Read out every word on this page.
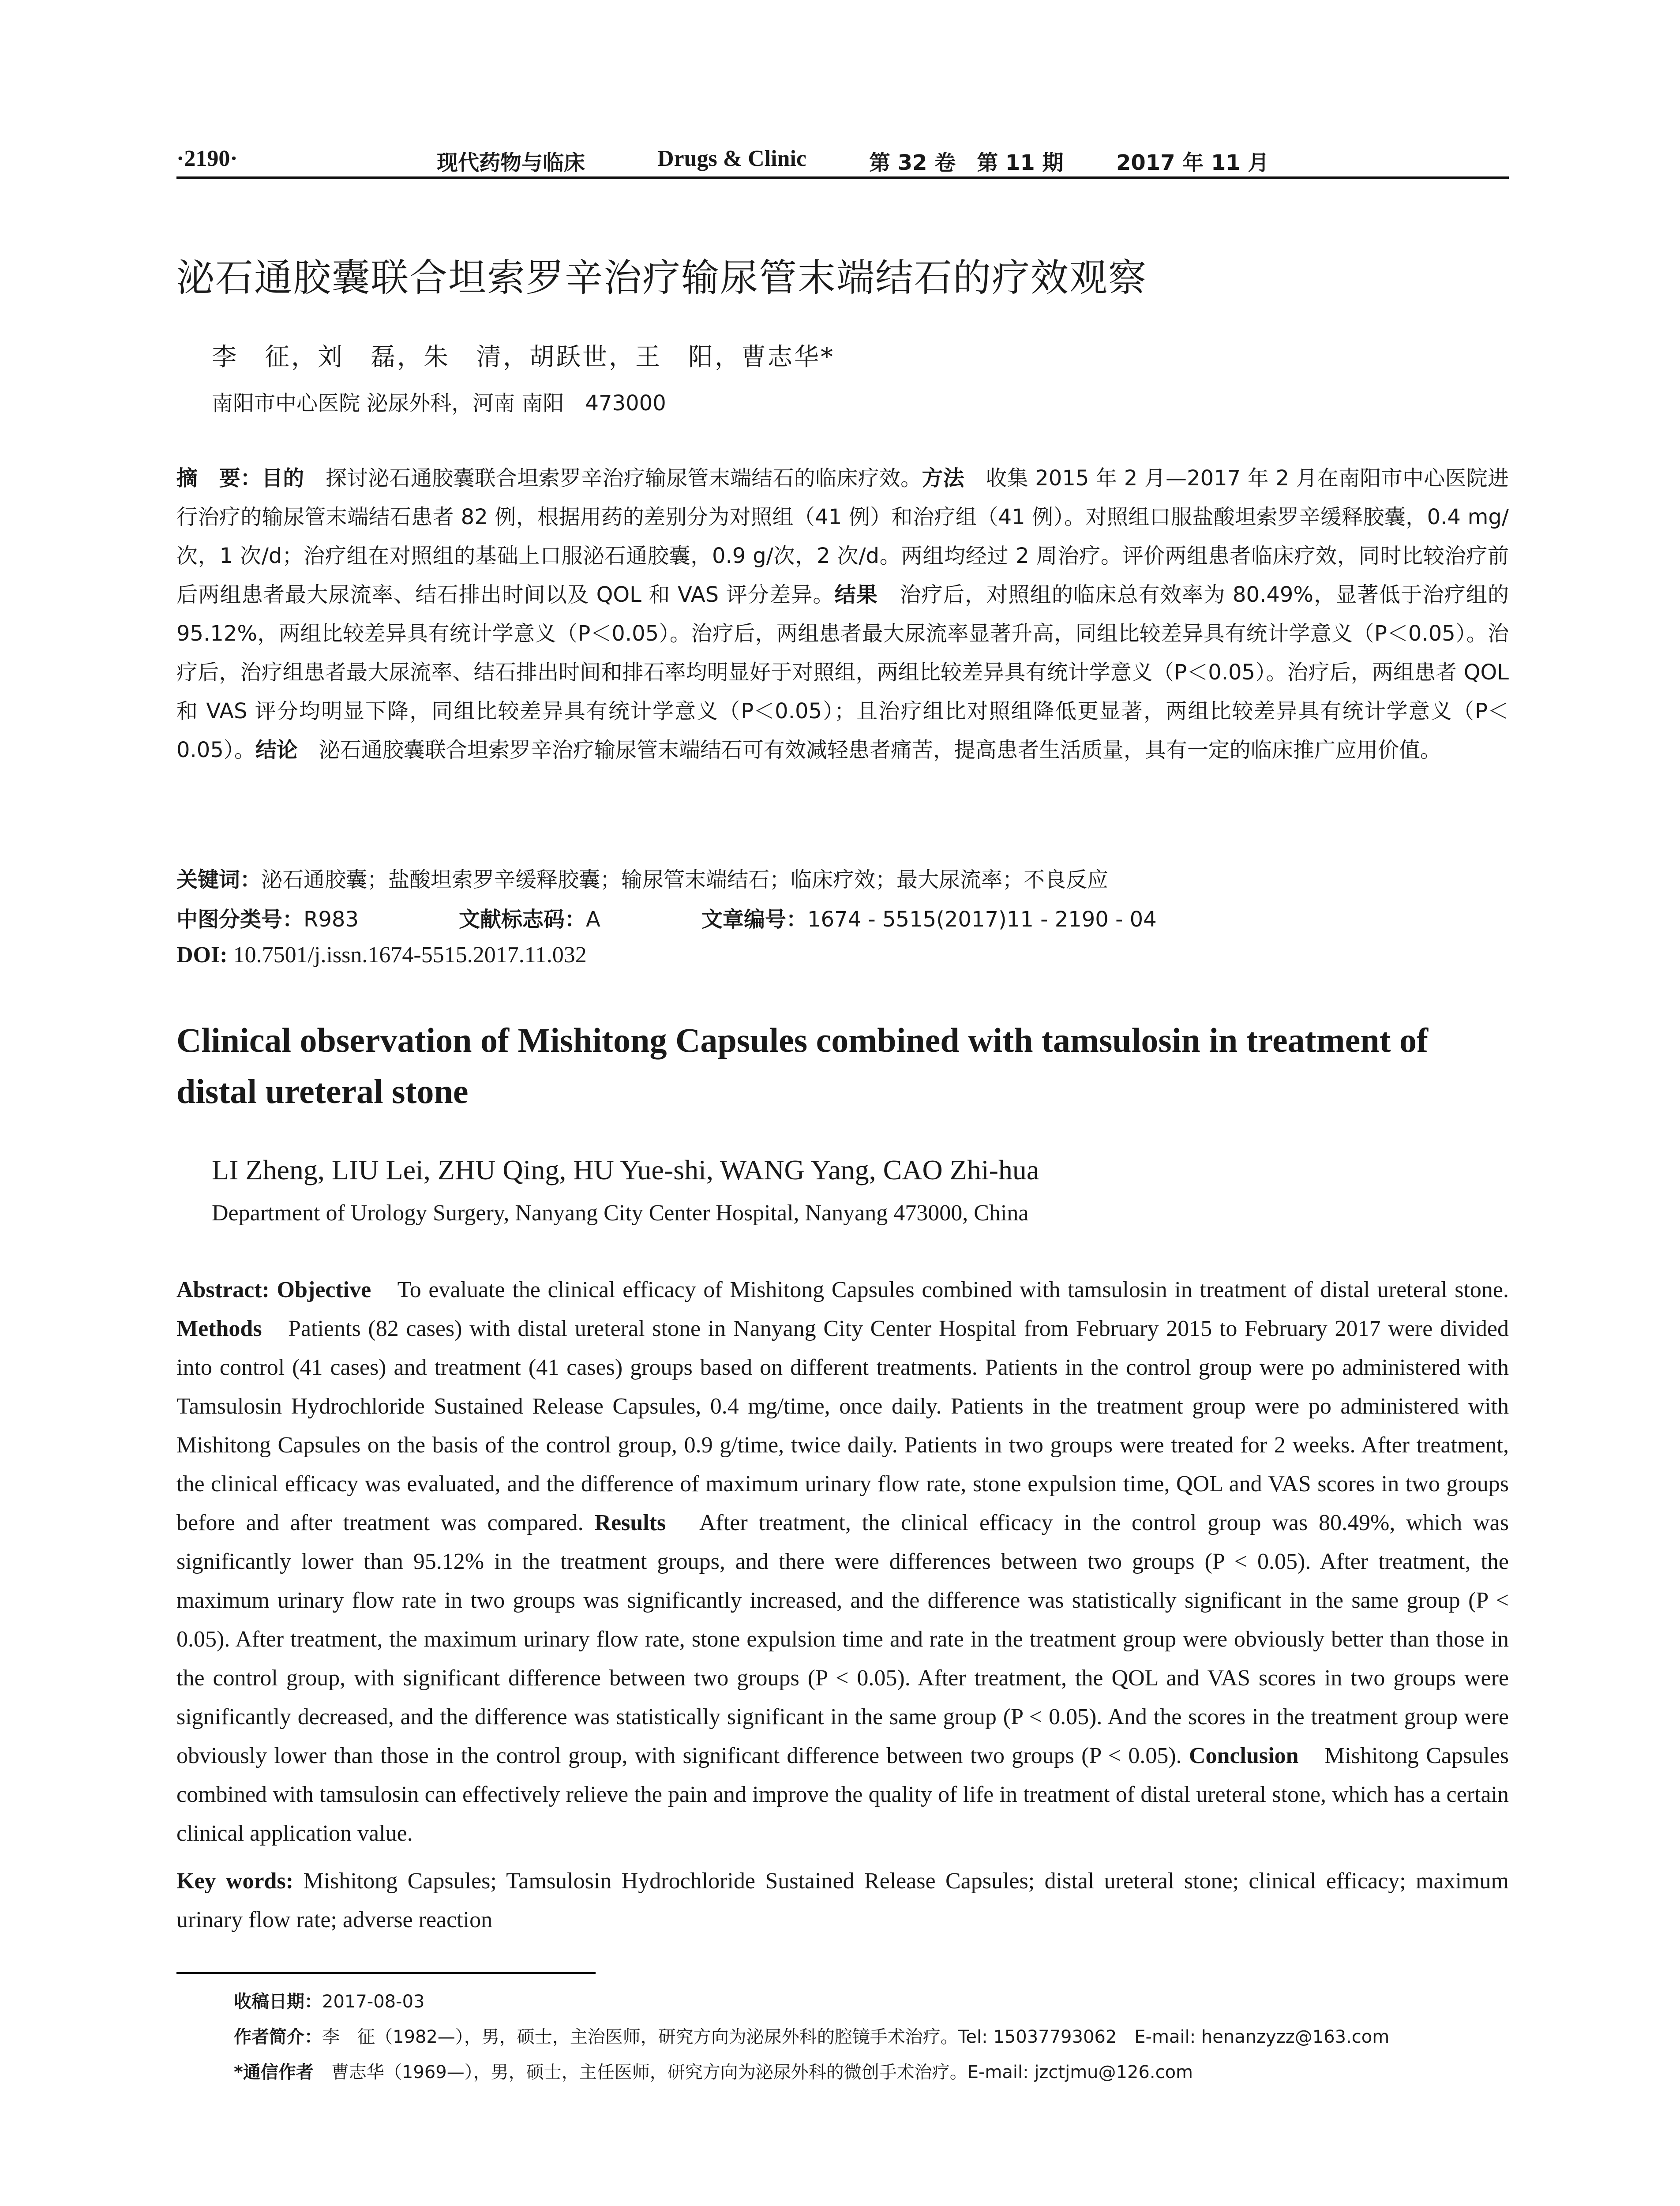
·2190·	现代药物与临床	Drugs & Clinic	第 32 卷　第 11 期 2017 年 11 月
泌石通胶囊联合坦索罗辛治疗输尿管末端结石的疗效观察
李　征，刘　磊，朱　清，胡跃世，王　阳，曹志华*
南阳市中心医院 泌尿外科，河南 南阳　473000
摘　要：目的　探讨泌石通胶囊联合坦索罗辛治疗输尿管末端结石的临床疗效。方法　收集 2015 年 2 月—2017 年 2 月在南阳市中心医院进行治疗的输尿管末端结石患者 82 例，根据用药的差别分为对照组（41 例）和治疗组（41 例）。对照组口服盐酸坦索罗辛缓释胶囊，0.4 mg/次，1 次/d；治疗组在对照组的基础上口服泌石通胶囊，0.9 g/次，2 次/d。两组均经过 2 周治疗。评价两组患者临床疗效，同时比较治疗前后两组患者最大尿流率、结石排出时间以及 QOL 和 VAS 评分差异。结果　治疗后，对照组的临床总有效率为 80.49%，显著低于治疗组的 95.12%，两组比较差异具有统计学意义（P＜0.05）。治疗后，两组患者最大尿流率显著升高，同组比较差异具有统计学意义（P＜0.05）。治疗后，治疗组患者最大尿流率、结石排出时间和排石率均明显好于对照组，两组比较差异具有统计学意义（P＜0.05）。治疗后，两组患者 QOL 和 VAS 评分均明显下降，同组比较差异具有统计学意义（P＜0.05）；且治疗组比对照组降低更显著，两组比较差异具有统计学意义（P＜0.05）。结论　泌石通胶囊联合坦索罗辛治疗输尿管末端结石可有效减轻患者痛苦，提高患者生活质量，具有一定的临床推广应用价值。
关键词：泌石通胶囊；盐酸坦索罗辛缓释胶囊；输尿管末端结石；临床疗效；最大尿流率；不良反应
中图分类号：R983	文献标志码：A	文章编号：1674 - 5515(2017)11 - 2190 - 04
DOI: 10.7501/j.issn.1674-5515.2017.11.032
Clinical observation of Mishitong Capsules combined with tamsulosin in treatment of distal ureteral stone
LI Zheng, LIU Lei, ZHU Qing, HU Yue-shi, WANG Yang, CAO Zhi-hua
Department of Urology Surgery, Nanyang City Center Hospital, Nanyang 473000, China
Abstract: Objective　To evaluate the clinical efficacy of Mishitong Capsules combined with tamsulosin in treatment of distal ureteral stone. Methods　Patients (82 cases) with distal ureteral stone in Nanyang City Center Hospital from February 2015 to February 2017 were divided into control (41 cases) and treatment (41 cases) groups based on different treatments. Patients in the control group were po administered with Tamsulosin Hydrochloride Sustained Release Capsules, 0.4 mg/time, once daily. Patients in the treatment group were po administered with Mishitong Capsules on the basis of the control group, 0.9 g/time, twice daily. Patients in two groups were treated for 2 weeks. After treatment, the clinical efficacy was evaluated, and the difference of maximum urinary flow rate, stone expulsion time, QOL and VAS scores in two groups before and after treatment was compared. Results　After treatment, the clinical efficacy in the control group was 80.49%, which was significantly lower than 95.12% in the treatment groups, and there were differences between two groups (P < 0.05). After treatment, the maximum urinary flow rate in two groups was significantly increased, and the difference was statistically significant in the same group (P < 0.05). After treatment, the maximum urinary flow rate, stone expulsion time and rate in the treatment group were obviously better than those in the control group, with significant difference between two groups (P < 0.05). After treatment, the QOL and VAS scores in two groups were significantly decreased, and the difference was statistically significant in the same group (P < 0.05). And the scores in the treatment group were obviously lower than those in the control group, with significant difference between two groups (P < 0.05). Conclusion　Mishitong Capsules combined with tamsulosin can effectively relieve the pain and improve the quality of life in treatment of distal ureteral stone, which has a certain clinical application value.
Key words: Mishitong Capsules; Tamsulosin Hydrochloride Sustained Release Capsules; distal ureteral stone; clinical efficacy; maximum urinary flow rate; adverse reaction
收稿日期：2017-08-03
作者简介：李　征（1982—），男，硕士，主治医师，研究方向为泌尿外科的腔镜手术治疗。Tel: 15037793062　E-mail: henanzyzz@163.com
*通信作者　曹志华（1969—），男，硕士，主任医师，研究方向为泌尿外科的微创手术治疗。E-mail: jzctjmu@126.com
